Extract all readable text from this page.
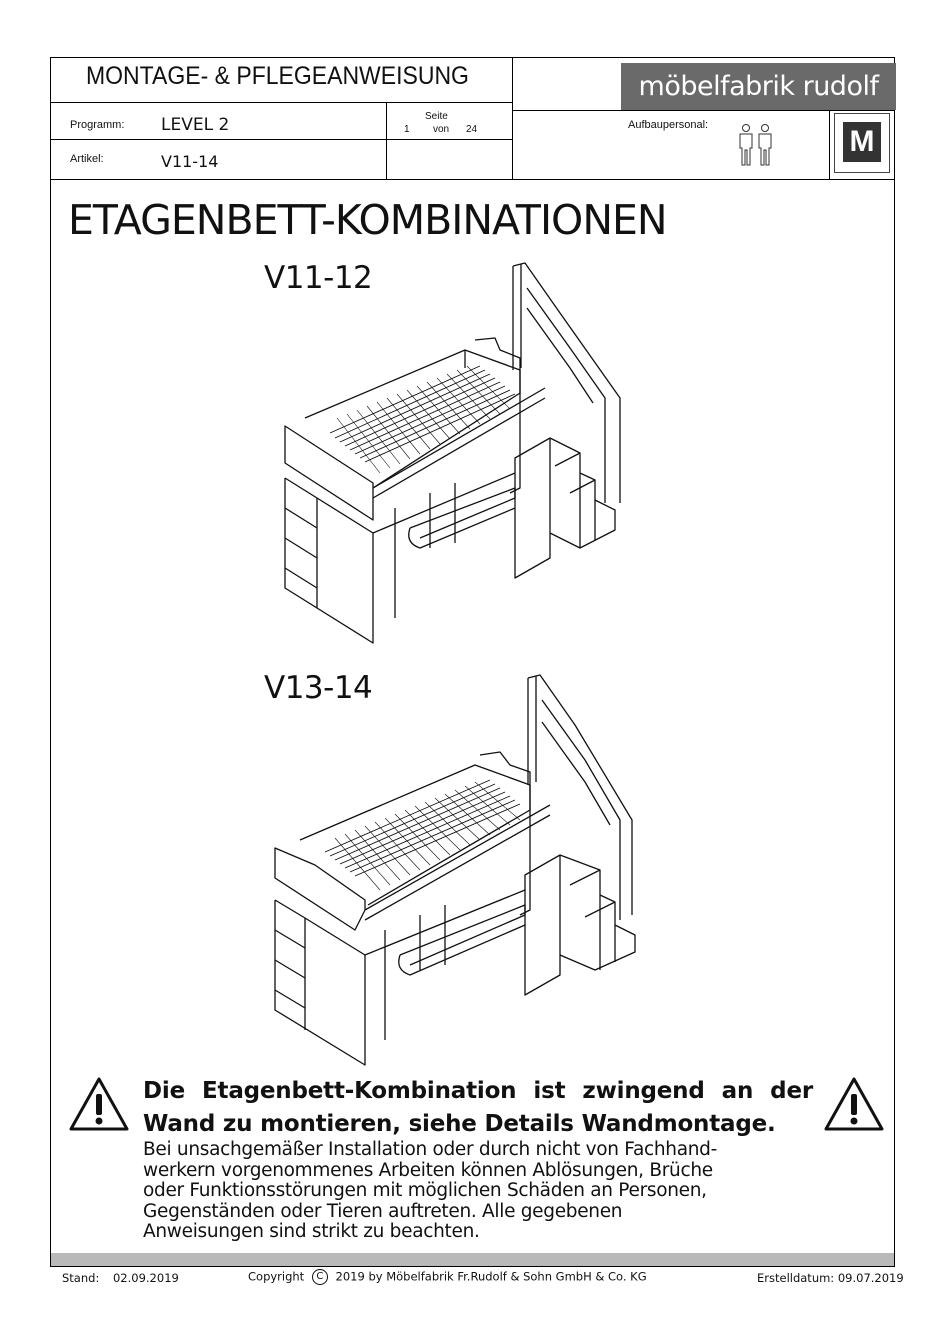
MONTAGE- & PFLEGEANWEISUNG	möbelfabrik rudolf
Programm: LEVEL 2
Artikel:	V11-14
Seite
1 von 24	Aufbaupersonal:	M
ETAGENBETT-KOMBINATIONEN
V11-12
V13-14
Die Etagenbett-Kombination ist zwingend an der Wand zu montieren, siehe Details Wandmontage.
Bei unsachgemäßer Installation oder durch nicht von Fachhand-
werkern vorgenommenes Arbeiten können Ablösungen, Brüche
oder Funktionsstörungen mit möglichen Schäden an Personen,
Gegenständen oder Tieren auftreten. Alle gegebenen
Anweisungen sind strikt zu beachten.
Stand: 02.09.2019	Copyright C 2019 by Möbelfabrik Fr.Rudolf & Sohn GmbH & Co. KG	Erstelldatum: 09.07.2019
